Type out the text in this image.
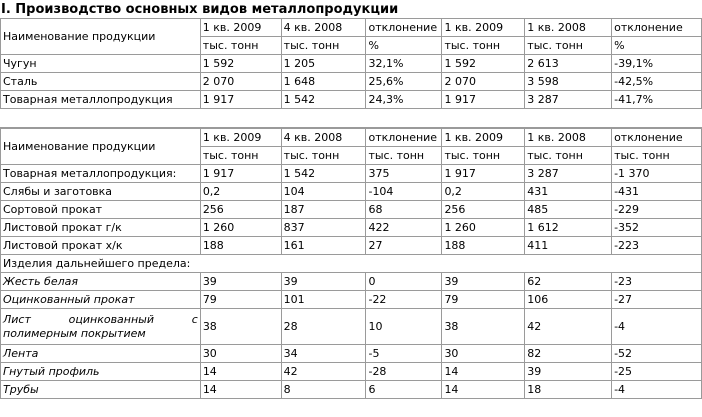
I. Производство основных видов металлопродукции
Наименование продукции	1 кв. 2009	4 кв. 2008	отклонение	1 кв. 2009	1 кв. 2008	отклонение
	тыс. тонн	тыс. тонн	%	тыс. тонн	тыс. тонн	%
Чугун	1 592	1 205	32,1%	1 592	2 613	-39,1%
Сталь	2 070	1 648	25,6%	2 070	3 598	-42,5%
Товарная металлопродукция	1 917	1 542	24,3%	1 917	3 287	-41,7%
Наименование продукции	1 кв. 2009	4 кв. 2008	отклонение	1 кв. 2009	1 кв. 2008	отклонение
	тыс. тонн	тыс. тонн	тыс. тонн	тыс. тонн	тыс. тонн	тыс. тонн
Товарная металлопродукция:	1 917	1 542	375	1 917	3 287	-1 370
Слябы и заготовка	0,2	104	-104	0,2	431	-431
Сортовой прокат	256	187	68	256	485	-229
Листовой прокат г/к	1 260	837	422	1 260	1 612	-352
Листовой прокат х/к	188	161	27	188	411	-223
Изделия дальнейшего предела:						
Жесть белая	39	39	0	39	62	-23
Оцинкованный прокат	79	101	-22	79	106	-27
Лист оцинкованный с полимерным покрытием	38	28	10	38	42	-4
Лента	30	34	-5	30	82	-52
Гнутый профиль	14	42	-28	14	39	-25
Трубы	14	8	6	14	18	-4
